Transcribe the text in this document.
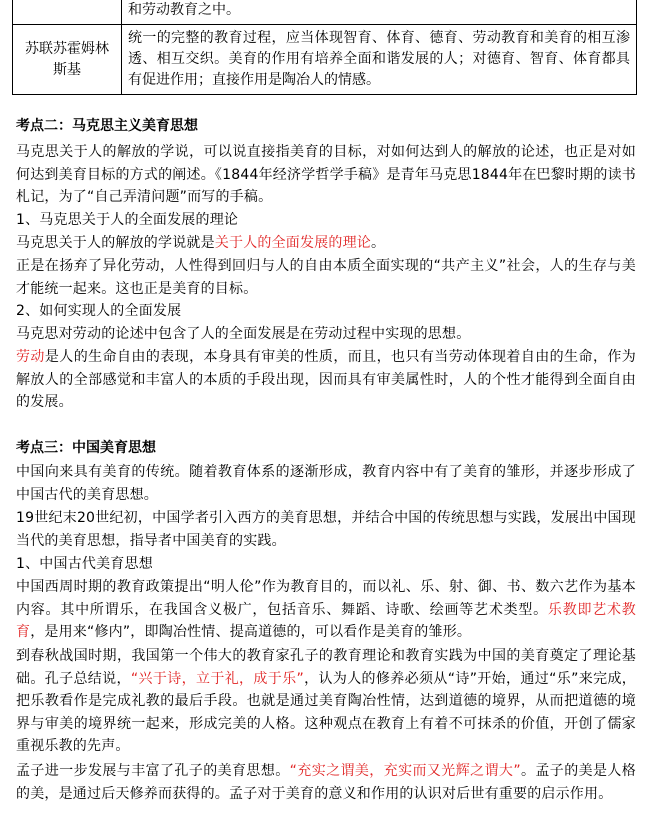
	和劳动教育之中。
苏联苏霍姆林斯基	统一的完整的教育过程，应当体现智育、体育、德育、劳动教育和美育的相互渗透、相互交织。美育的作用有培养全面和谐发展的人；对德育、智育、体育都具有促进作用；直接作用是陶冶人的情感。
考点二：马克思主义美育思想
马克思关于人的解放的学说，可以说直接指美育的目标，对如何达到人的解放的论述，也正是对如何达到美育目标的方式的阐述。《1844年经济学哲学手稿》是青年马克思1844年在巴黎时期的读书札记，为了“自己弄清问题”而写的手稿。
1、马克思关于人的全面发展的理论
马克思关于人的解放的学说就是关于人的全面发展的理论。
正是在扬弃了异化劳动，人性得到回归与人的自由本质全面实现的“共产主义”社会，人的生存与美才能统一起来。这也正是美育的目标。
2、如何实现人的全面发展
马克思对劳动的论述中包含了人的全面发展是在劳动过程中实现的思想。
劳动是人的生命自由的表现，本身具有审美的性质，而且，也只有当劳动体现着自由的生命，作为解放人的全部感觉和丰富人的本质的手段出现，因而具有审美属性时，人的个性才能得到全面自由的发展。
考点三：中国美育思想
中国向来具有美育的传统。随着教育体系的逐渐形成，教育内容中有了美育的雏形，并逐步形成了中国古代的美育思想。
19世纪末20世纪初，中国学者引入西方的美育思想，并结合中国的传统思想与实践，发展出中国现当代的美育思想，指导者中国美育的实践。
1、中国古代美育思想
中国西周时期的教育政策提出“明人伦”作为教育目的，而以礼、乐、射、御、书、数六艺作为基本内容。其中所谓乐，在我国含义极广，包括音乐、舞蹈、诗歌、绘画等艺术类型。乐教即艺术教育，是用来“修内”，即陶冶性情、提高道德的，可以看作是美育的雏形。
到春秋战国时期，我国第一个伟大的教育家孔子的教育理论和教育实践为中国的美育奠定了理论基础。孔子总结说，“兴于诗，立于礼，成于乐”，认为人的修养必须从“诗”开始，通过“乐”来完成，把乐教看作是完成礼教的最后手段。也就是通过美育陶冶性情，达到道德的境界，从而把道德的境界与审美的境界统一起来，形成完美的人格。这种观点在教育上有着不可抹杀的价值，开创了儒家重视乐教的先声。
孟子进一步发展与丰富了孔子的美育思想。“充实之谓美，充实而又光辉之谓大”。孟子的美是人格的美，是通过后天修养而获得的。孟子对于美育的意义和作用的认识对后世有重要的启示作用。
